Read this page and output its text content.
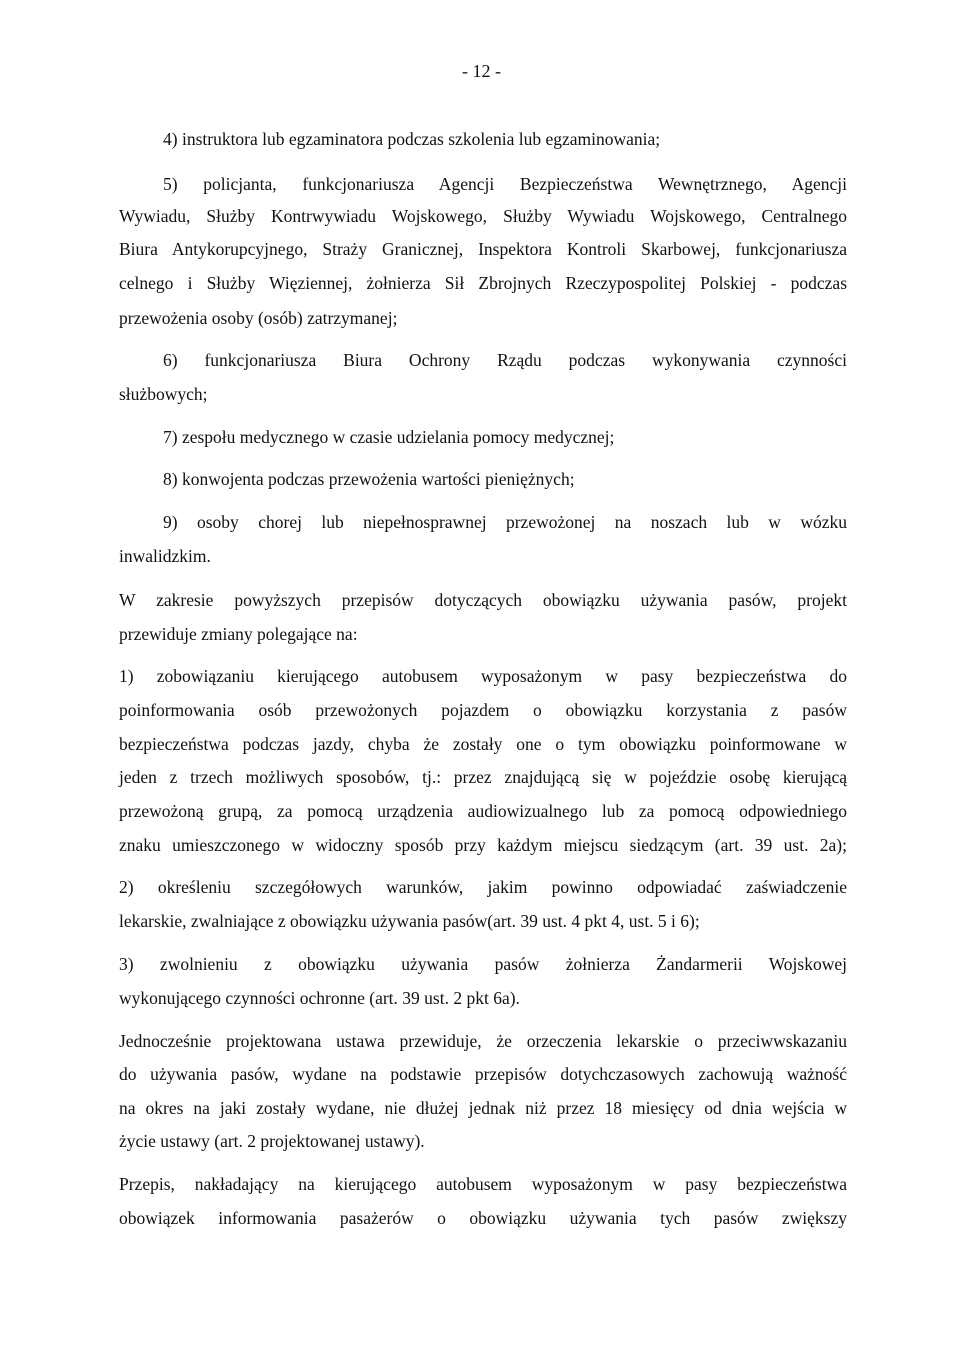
- 12 -
4) instruktora lub egzaminatora podczas szkolenia lub egzaminowania;
5) policjanta, funkcjonariusza Agencji Bezpieczeństwa Wewnętrznego, Agencji
Wywiadu, Służby Kontrwywiadu Wojskowego, Służby Wywiadu Wojskowego, Centralnego
Biura Antykorupcyjnego, Straży Granicznej, Inspektora Kontroli Skarbowej, funkcjonariusza
celnego i Służby Więziennej, żołnierza Sił Zbrojnych Rzeczypospolitej Polskiej - podczas
przewożenia osoby (osób) zatrzymanej;
6) funkcjonariusza Biura Ochrony Rządu podczas wykonywania czynności
służbowych;
7) zespołu medycznego w czasie udzielania pomocy medycznej;
8) konwojenta podczas przewożenia wartości pieniężnych;
9) osoby chorej lub niepełnosprawnej przewożonej na noszach lub w wózku
inwalidzkim.
W zakresie powyższych przepisów dotyczących obowiązku używania pasów, projekt
przewiduje zmiany polegające na:
1) zobowiązaniu kierującego autobusem wyposażonym w pasy bezpieczeństwa do
poinformowania osób przewożonych pojazdem o obowiązku korzystania z pasów
bezpieczeństwa podczas jazdy, chyba że zostały one o tym obowiązku poinformowane w
jeden z trzech możliwych sposobów, tj.: przez znajdującą się w pojeździe osobę kierującą
przewożoną grupą, za pomocą urządzenia audiowizualnego lub za pomocą odpowiedniego
znaku umieszczonego w widoczny sposób przy każdym miejscu siedzącym (art. 39 ust. 2a);
2) określeniu szczegółowych warunków, jakim powinno odpowiadać zaświadczenie
lekarskie, zwalniające z obowiązku używania pasów(art. 39 ust. 4 pkt 4, ust. 5 i 6);
3) zwolnieniu z obowiązku używania pasów żołnierza Żandarmerii Wojskowej
wykonującego czynności ochronne (art. 39 ust. 2 pkt 6a).
Jednocześnie projektowana ustawa przewiduje, że orzeczenia lekarskie o przeciwwskazaniu
do używania pasów, wydane na podstawie przepisów dotychczasowych zachowują ważność
na okres na jaki zostały wydane, nie dłużej jednak niż przez 18 miesięcy od dnia wejścia w
życie ustawy (art. 2 projektowanej ustawy).
Przepis, nakładający na kierującego autobusem wyposażonym w pasy bezpieczeństwa
obowiązek informowania pasażerów o obowiązku używania tych pasów zwiększy
